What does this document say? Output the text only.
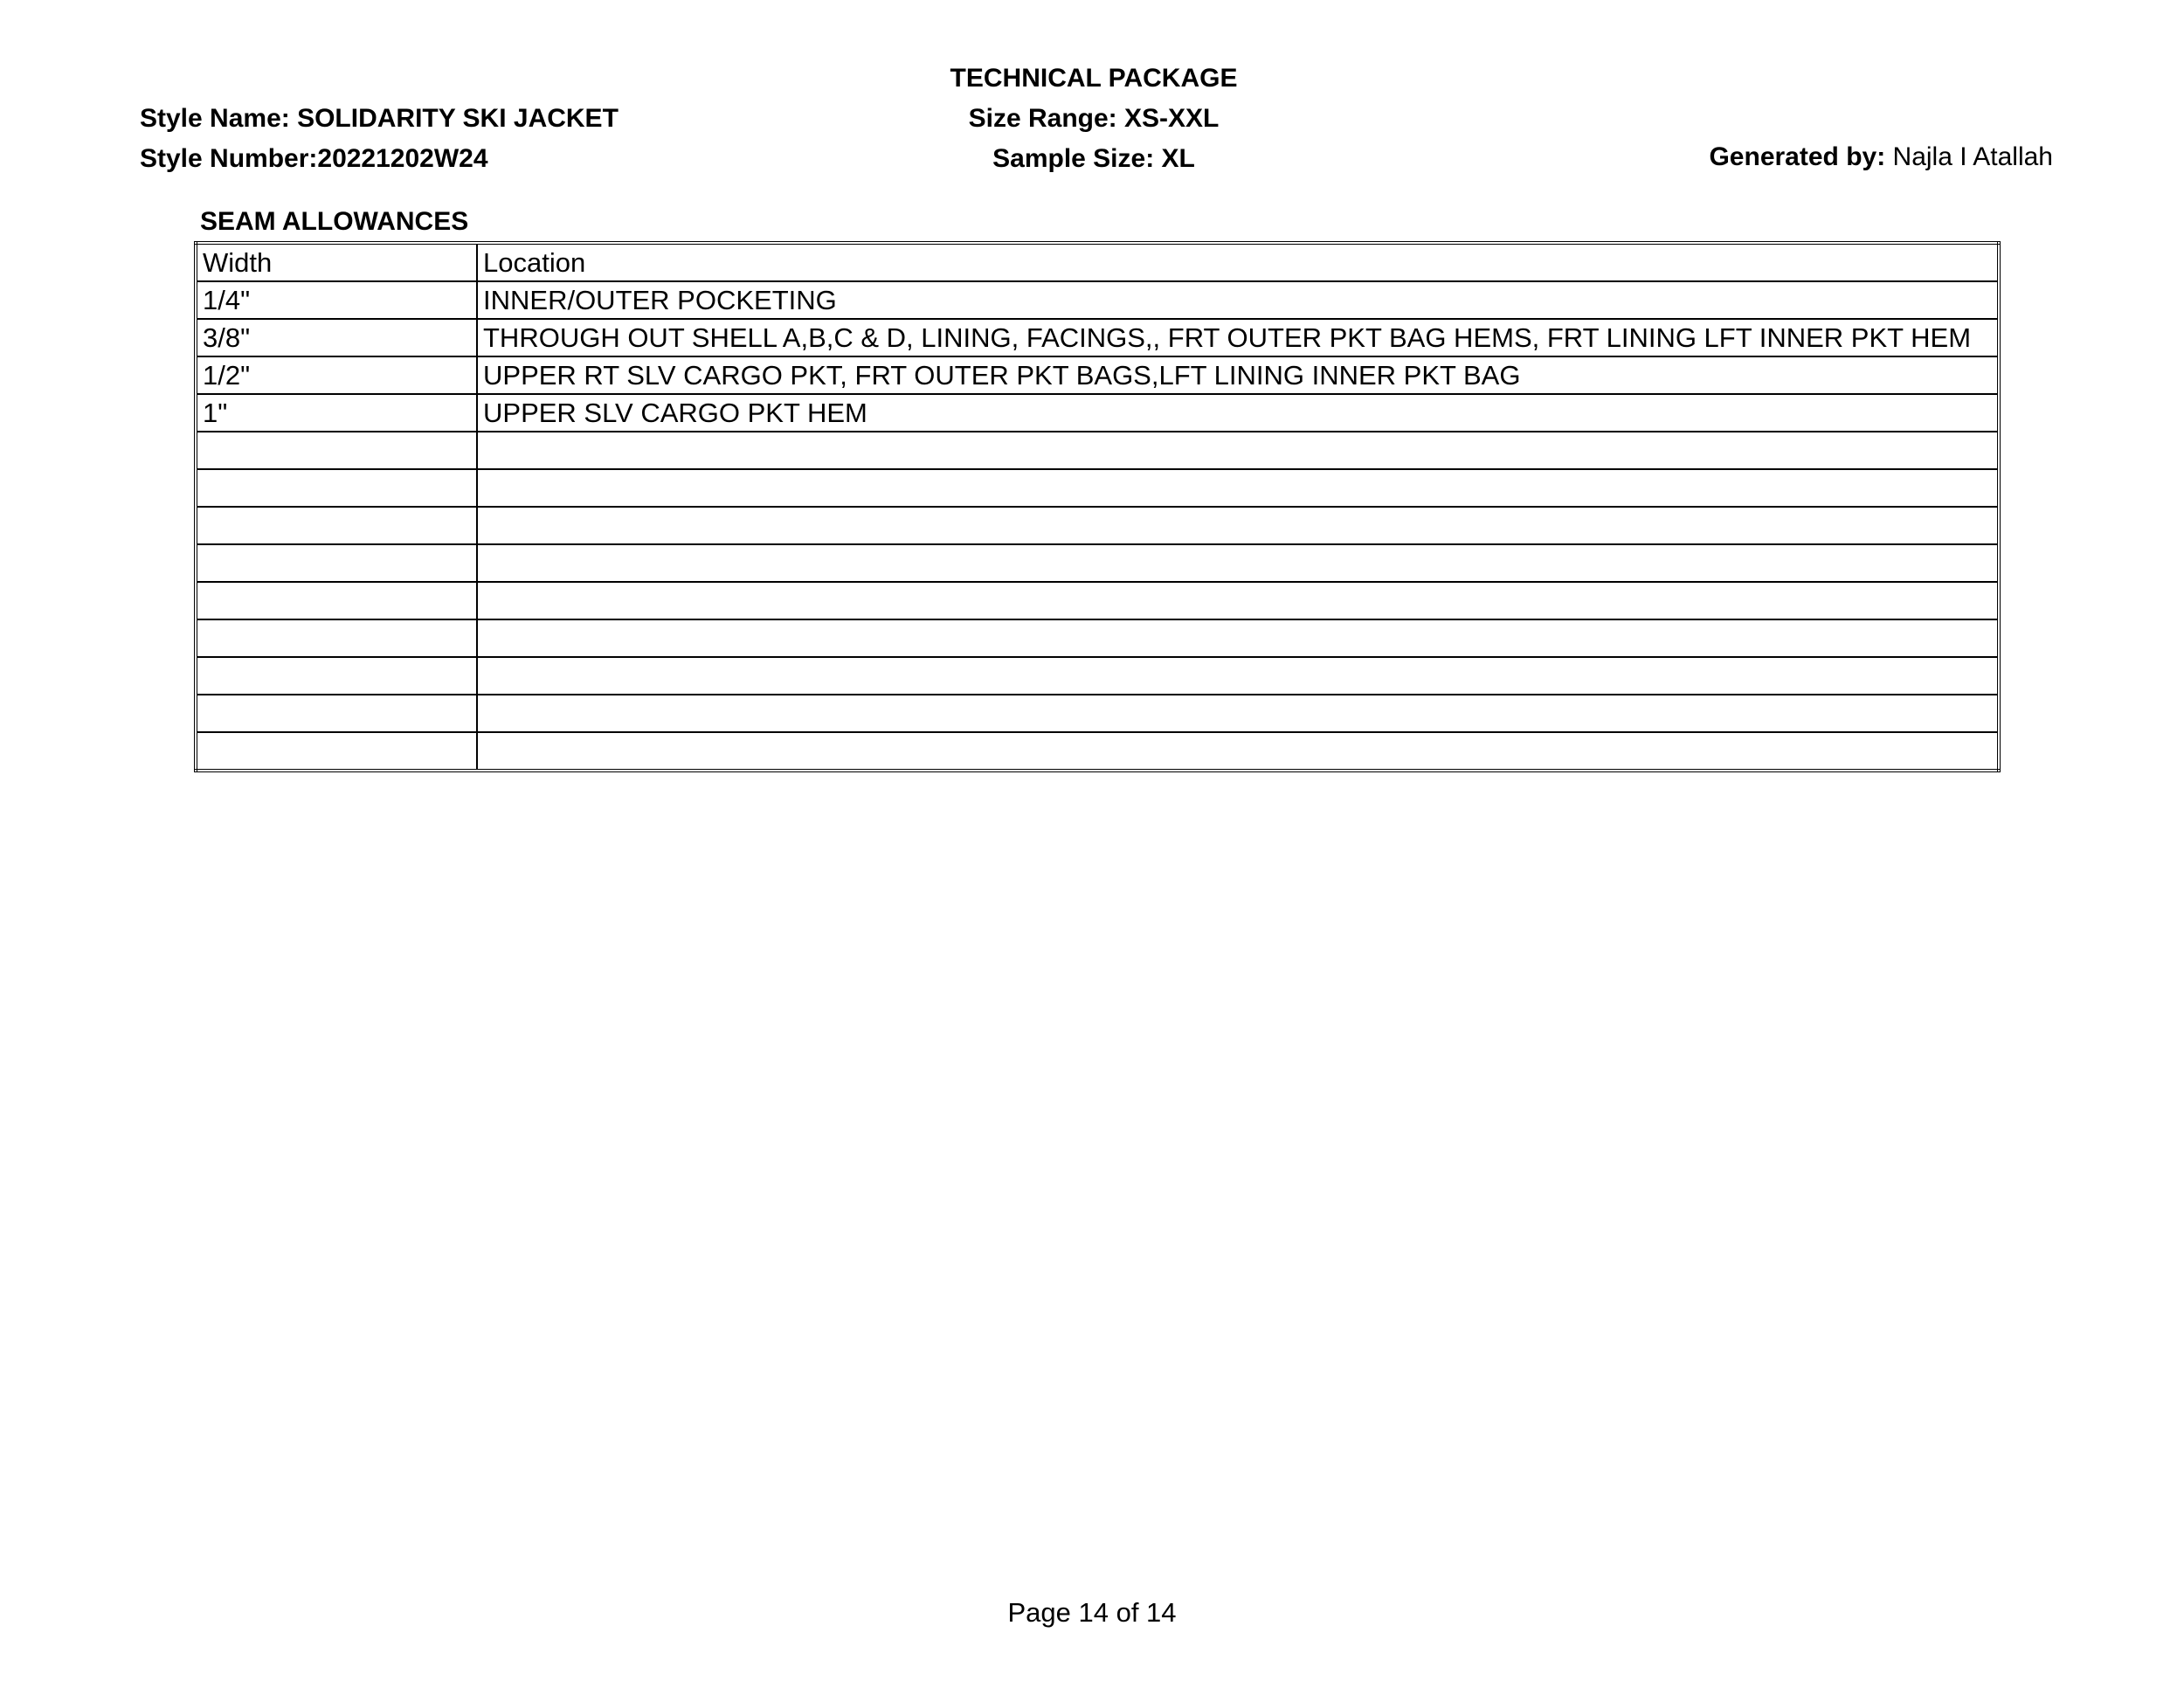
TECHNICAL PACKAGE
Size Range: XS-XXL
Sample Size: XL
Style Name: SOLIDARITY SKI JACKET
Style Number:20221202W24	Generated by: Najla I Atallah
SEAM ALLOWANCES
Width	Location
1/4"	INNER/OUTER POCKETING
3/8"	THROUGH OUT SHELL A,B,C & D, LINING, FACINGS,, FRT OUTER PKT BAG HEMS, FRT LINING LFT INNER PKT HEM
1/2"	UPPER RT SLV CARGO PKT, FRT OUTER PKT BAGS,LFT LINING INNER PKT BAG
1"	UPPER SLV CARGO PKT HEM

Page 14 of 14
